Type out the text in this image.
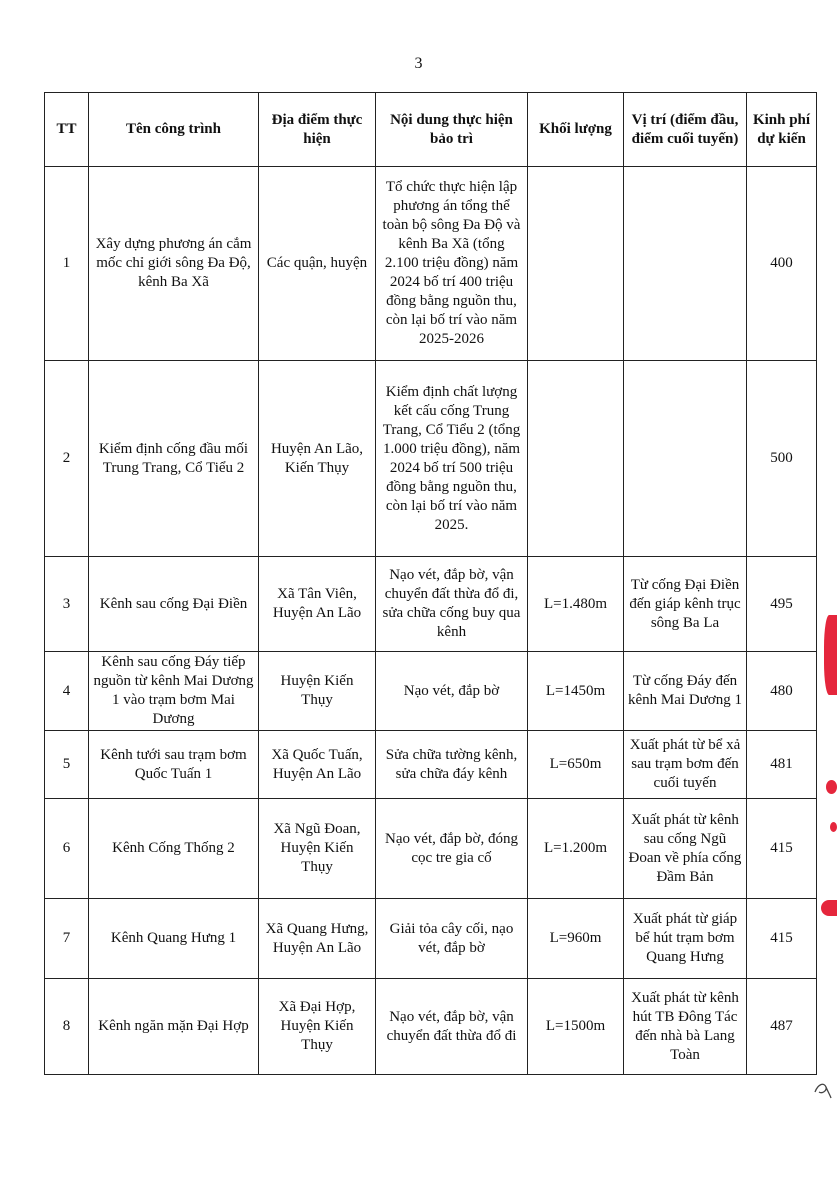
3
TT	Tên công trình	Địa điểm thực hiện	Nội dung thực hiện bảo trì	Khối lượng	Vị trí (điểm đầu, điểm cuối tuyến)	Kinh phí dự kiến
1	Xây dựng phương án cắm mốc chỉ giới sông Đa Độ, kênh Ba Xã	Các quận, huyện	Tổ chức thực hiện lập phương án tổng thể toàn bộ sông Đa Độ và kênh Ba Xã (tổng 2.100 triệu đồng) năm 2024 bố trí 400 triệu đồng bằng nguồn thu, còn lại bố trí vào năm 2025-2026			400
2	Kiểm định cống đầu mối Trung Trang, Cổ Tiểu 2	Huyện An Lão, Kiến Thụy	Kiểm định chất lượng kết cấu cống Trung Trang, Cổ Tiểu 2 (tổng 1.000 triệu đồng), năm 2024 bố trí 500 triệu đồng bằng nguồn thu, còn lại bố trí vào năm 2025.			500
3	Kênh sau cống Đại Điền	Xã Tân Viên, Huyện An Lão	Nạo vét, đắp bờ, vận chuyển đất thừa đổ đi, sửa chữa cống buy qua kênh	L=1.480m	Từ cống Đại Điền đến giáp kênh trục sông Ba La	495
4	Kênh sau cống Đáy tiếp nguồn từ kênh Mai Dương 1 vào trạm bơm Mai Dương	Huyện Kiến Thụy	Nạo vét, đắp bờ	L=1450m	Từ cống Đáy đến kênh Mai Dương 1	480
5	Kênh tưới sau trạm bơm Quốc Tuấn 1	Xã Quốc Tuấn, Huyện An Lão	Sửa chữa tường kênh, sửa chữa đáy kênh	L=650m	Xuất phát từ bể xả sau trạm bơm đến cuối tuyến	481
6	Kênh Cống Thống 2	Xã Ngũ Đoan, Huyện Kiến Thụy	Nạo vét, đắp bờ, đóng cọc tre gia cố	L=1.200m	Xuất phát từ kênh sau cống Ngũ Đoan về phía cống Đầm Bản	415
7	Kênh Quang Hưng 1	Xã Quang Hưng, Huyện An Lão	Giải tỏa cây cối, nạo vét, đắp bờ	L=960m	Xuất phát từ giáp bể hút trạm bơm Quang Hưng	415
8	Kênh ngăn mặn Đại Hợp	Xã Đại Hợp, Huyện Kiến Thụy	Nạo vét, đắp bờ, vận chuyển đất thừa đổ đi	L=1500m	Xuất phát từ kênh hút TB Đông Tác đến nhà bà Lang Toàn	487
